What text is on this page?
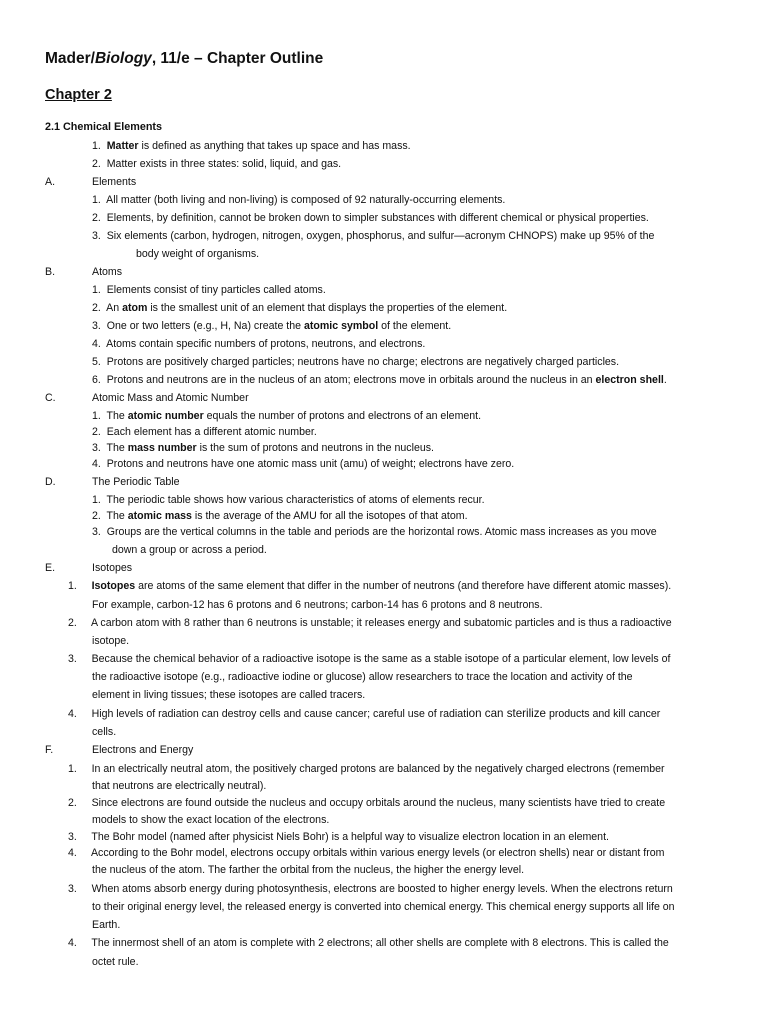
Mader/Biology, 11/e – Chapter Outline
Chapter 2
2.1 Chemical Elements
1. Matter is defined as anything that takes up space and has mass.
2. Matter exists in three states: solid, liquid, and gas.
A.	Elements
1. All matter (both living and non-living) is composed of 92 naturally-occurring elements.
2. Elements, by definition, cannot be broken down to simpler substances with different chemical or physical properties.
3. Six elements (carbon, hydrogen, nitrogen, oxygen, phosphorus, and sulfur—acronym CHNOPS) make up 95% of the
body weight of organisms.
B.	Atoms
1. Elements consist of tiny particles called atoms.
2. An atom is the smallest unit of an element that displays the properties of the element.
3. One or two letters (e.g., H, Na) create the atomic symbol of the element.
4. Atoms contain specific numbers of protons, neutrons, and electrons.
5. Protons are positively charged particles; neutrons have no charge; electrons are negatively charged particles.
6. Protons and neutrons are in the nucleus of an atom; electrons move in orbitals around the nucleus in an electron shell.
C.	Atomic Mass and Atomic Number
1. The atomic number equals the number of protons and electrons of an element.
2. Each element has a different atomic number.
3. The mass number is the sum of protons and neutrons in the nucleus.
4. Protons and neutrons have one atomic mass unit (amu) of weight; electrons have zero.
D.	The Periodic Table
1. The periodic table shows how various characteristics of atoms of elements recur.
2. The atomic mass is the average of the AMU for all the isotopes of that atom.
3. Groups are the vertical columns in the table and periods are the horizontal rows. Atomic mass increases as you move
down a group or across a period.
E.	Isotopes
1. Isotopes are atoms of the same element that differ in the number of neutrons (and therefore have different atomic masses).
For example, carbon-12 has 6 protons and 6 neutrons; carbon-14 has 6 protons and 8 neutrons.
2. A carbon atom with 8 rather than 6 neutrons is unstable; it releases energy and subatomic particles and is thus a radioactive
isotope.
3. Because the chemical behavior of a radioactive isotope is the same as a stable isotope of a particular element, low levels of
the radioactive isotope (e.g., radioactive iodine or glucose) allow researchers to trace the location and activity of the
element in living tissues; these isotopes are called tracers.
4. High levels of radiation can destroy cells and cause cancer; careful use of radiation can sterilize products and kill cancer
cells.
F.	Electrons and Energy
1. In an electrically neutral atom, the positively charged protons are balanced by the negatively charged electrons (remember
that neutrons are electrically neutral).
2. Since electrons are found outside the nucleus and occupy orbitals around the nucleus, many scientists have tried to create
models to show the exact location of the electrons.
3. The Bohr model (named after physicist Niels Bohr) is a helpful way to visualize electron location in an element.
4. According to the Bohr model, electrons occupy orbitals within various energy levels (or electron shells) near or distant from
the nucleus of the atom. The farther the orbital from the nucleus, the higher the energy level.
3. When atoms absorb energy during photosynthesis, electrons are boosted to higher energy levels. When the electrons return
to their original energy level, the released energy is converted into chemical energy. This chemical energy supports all life on
Earth.
4. The innermost shell of an atom is complete with 2 electrons; all other shells are complete with 8 electrons. This is called the
octet rule.
